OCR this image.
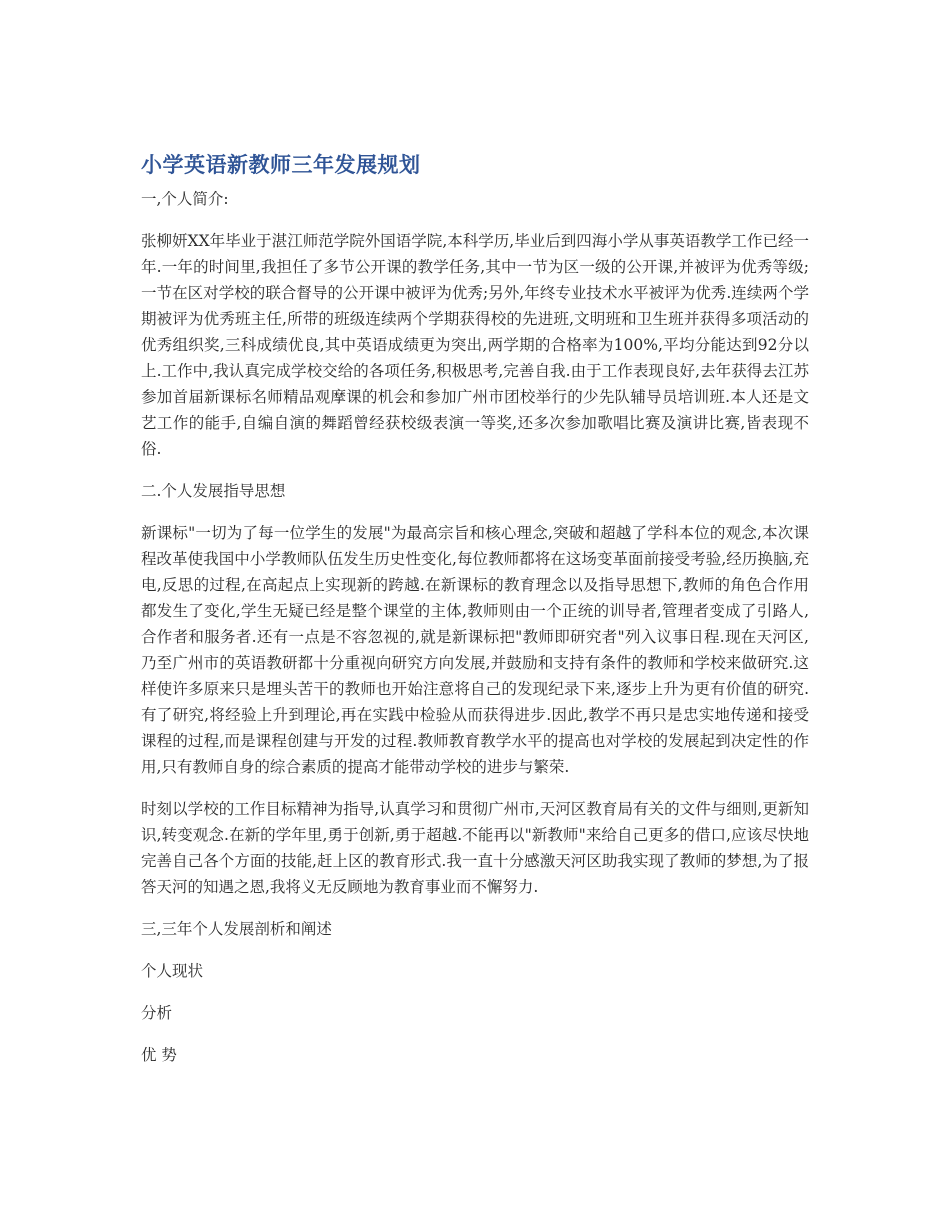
小学英语新教师三年发展规划
一,个人简介:
张柳妍XX年毕业于湛江师范学院外国语学院,本科学历,毕业后到四海小学从事英语教学工作已经一年.一年的时间里,我担任了多节公开课的教学任务,其中一节为区一级的公开课,并被评为优秀等级;一节在区对学校的联合督导的公开课中被评为优秀;另外,年终专业技术水平被评为优秀.连续两个学期被评为优秀班主任,所带的班级连续两个学期获得校的先进班,文明班和卫生班并获得多项活动的优秀组织奖,三科成绩优良,其中英语成绩更为突出,两学期的合格率为100%,平均分能达到92分以上.工作中,我认真完成学校交给的各项任务,积极思考,完善自我.由于工作表现良好,去年获得去江苏参加首届新课标名师精品观摩课的机会和参加广州市团校举行的少先队辅导员培训班.本人还是文艺工作的能手,自编自演的舞蹈曾经获校级表演一等奖,还多次参加歌唱比赛及演讲比赛,皆表现不俗.
二.个人发展指导思想
新课标"一切为了每一位学生的发展"为最高宗旨和核心理念,突破和超越了学科本位的观念,本次课程改革使我国中小学教师队伍发生历史性变化,每位教师都将在这场变革面前接受考验,经历换脑,充电,反思的过程,在高起点上实现新的跨越.在新课标的教育理念以及指导思想下,教师的角色合作用都发生了变化,学生无疑已经是整个课堂的主体,教师则由一个正统的训导者,管理者变成了引路人,合作者和服务者.还有一点是不容忽视的,就是新课标把"教师即研究者"列入议事日程.现在天河区,乃至广州市的英语教研都十分重视向研究方向发展,并鼓励和支持有条件的教师和学校来做研究.这样使许多原来只是埋头苦干的教师也开始注意将自己的发现纪录下来,逐步上升为更有价值的研究.有了研究,将经验上升到理论,再在实践中检验从而获得进步.因此,教学不再只是忠实地传递和接受课程的过程,而是课程创建与开发的过程.教师教育教学水平的提高也对学校的发展起到决定性的作用,只有教师自身的综合素质的提高才能带动学校的进步与繁荣.
时刻以学校的工作目标精神为指导,认真学习和贯彻广州市,天河区教育局有关的文件与细则,更新知识,转变观念.在新的学年里,勇于创新,勇于超越.不能再以"新教师"来给自己更多的借口,应该尽快地完善自己各个方面的技能,赶上区的教育形式.我一直十分感激天河区助我实现了教师的梦想,为了报答天河的知遇之恩,我将义无反顾地为教育事业而不懈努力.
三,三年个人发展剖析和阐述
个人现状
分析
优 势
